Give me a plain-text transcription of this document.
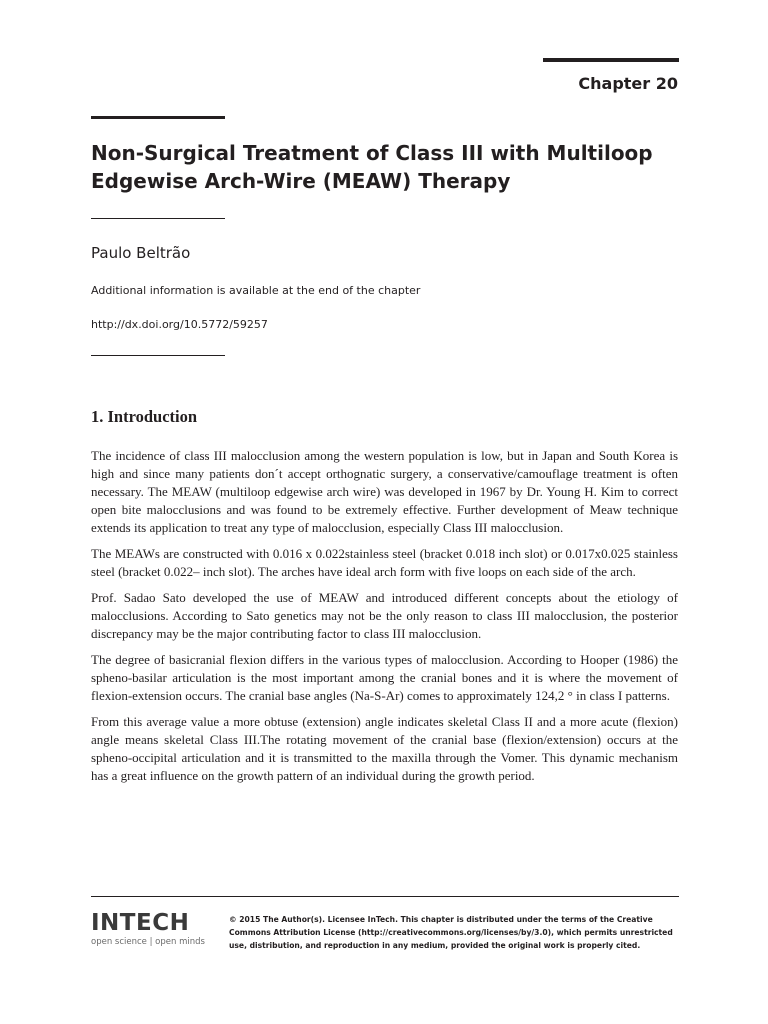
Chapter 20
Non-Surgical Treatment of Class III with Multiloop
Edgewise Arch-Wire (MEAW) Therapy
Paulo Beltrão
Additional information is available at the end of the chapter
http://dx.doi.org/10.5772/59257
1. Introduction

The incidence of class III malocclusion among the western population is low, but in Japan and South Korea is high and since many patients don´t accept orthognatic surgery, a conservative/camouflage treatment is often necessary. The MEAW (multiloop edgewise arch wire) was developed in 1967 by Dr. Young H. Kim to correct open bite malocclusions and was found to be extremely effective. Further development of Meaw technique extends its application to treat any type of malocclusion, especially Class III malocclusion.

The MEAWs are constructed with 0.016 x 0.022stainless steel (bracket 0.018 inch slot) or 0.017x0.025 stainless steel (bracket 0.022– inch slot). The arches have ideal arch form with five loops on each side of the arch.

Prof. Sadao Sato developed the use of MEAW and introduced different concepts about the etiology of malocclusions. According to Sato genetics may not be the only reason to class III malocclusion, the posterior discrepancy may be the major contributing factor to class III malocclusion.

The degree of basicranial flexion differs in the various types of malocclusion. According to Hooper (1986) the spheno-basilar articulation is the most important among the cranial bones and it is where the movement of flexion-extension occurs. The cranial base angles (Na-S-Ar) comes to approximately 124,2 ° in class I patterns.

From this average value a more obtuse (extension) angle indicates skeletal Class II and a more acute (flexion) angle means skeletal Class III.The rotating movement of the cranial base (flexion/extension) occurs at the spheno-occipital articulation and it is transmitted to the maxilla through the Vomer. This dynamic mechanism has a great influence on the growth pattern of an individual during the growth period.

INTECH
open science | open minds
© 2015 The Author(s). Licensee InTech. This chapter is distributed under the terms of the Creative Commons Attribution License (http://creativecommons.org/licenses/by/3.0), which permits unrestricted use, distribution, and reproduction in any medium, provided the original work is properly cited.
